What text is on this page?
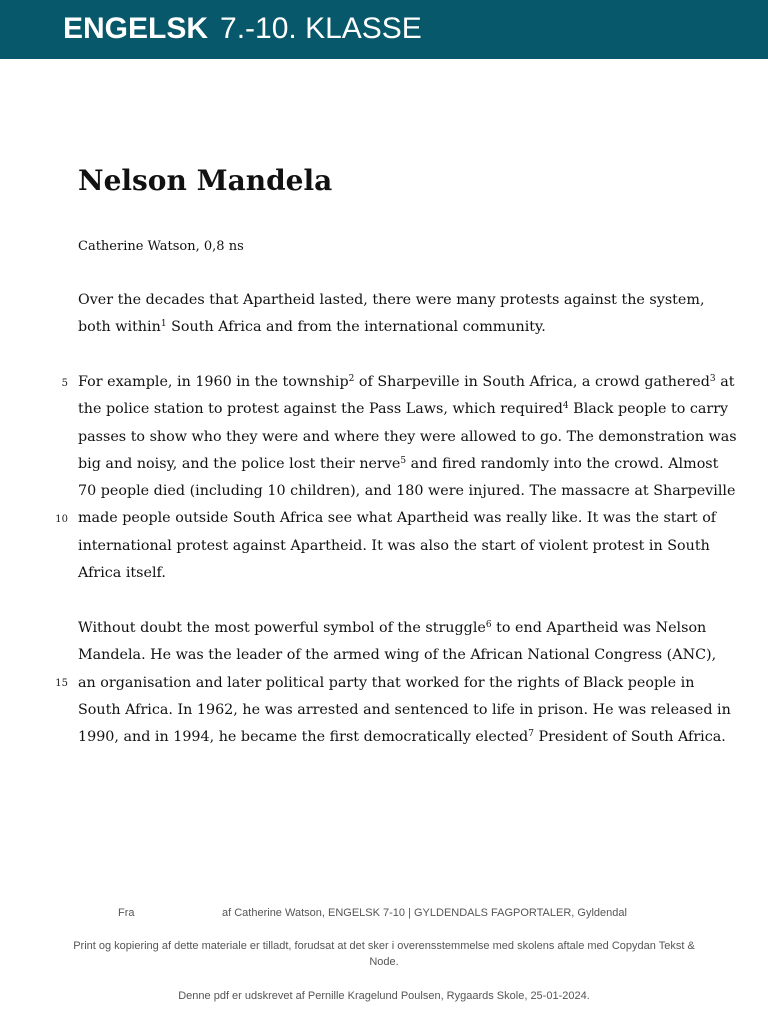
ENGELSK 7.-10. KLASSE
Nelson Mandela
Catherine Watson, 0,8 ns

Over the decades that Apartheid lasted, there were many protests against the system,
both within$^1$ South Africa and from the international community.

For example, in 1960 in the township$^2$ of Sharpeville in South Africa, a crowd gathered$^3$ at
the police station to protest against the Pass Laws, which required$^4$ Black people to carry
passes to show who they were and where they were allowed to go. The demonstration was
big and noisy, and the police lost their nerve$^5$ and fired randomly into the crowd. Almost
70 people died (including 10 children), and 180 were injured. The massacre at Sharpeville
made people outside South Africa see what Apartheid was really like. It was the start of
international protest against Apartheid. It was also the start of violent protest in South
Africa itself.

Without doubt the most powerful symbol of the struggle$^6$ to end Apartheid was Nelson
Mandela. He was the leader of the armed wing of the African National Congress (ANC),
an organisation and later political party that worked for the rights of Black people in
South Africa. In 1962, he was arrested and sentenced to life in prison. He was released in
1990, and in 1994, he became the first democratically elected$^7$ President of South Africa.

5
10
15
Fra	af Catherine Watson, ENGELSK 7-10 | GYLDENDALS FAGPORTALER, Gyldendal
Print og kopiering af dette materiale er tilladt, forudsat at det sker i overensstemmelse med skolens aftale med Copydan Tekst & Node.
Denne pdf er udskrevet af Pernille Kragelund Poulsen, Rygaards Skole, 25-01-2024.
